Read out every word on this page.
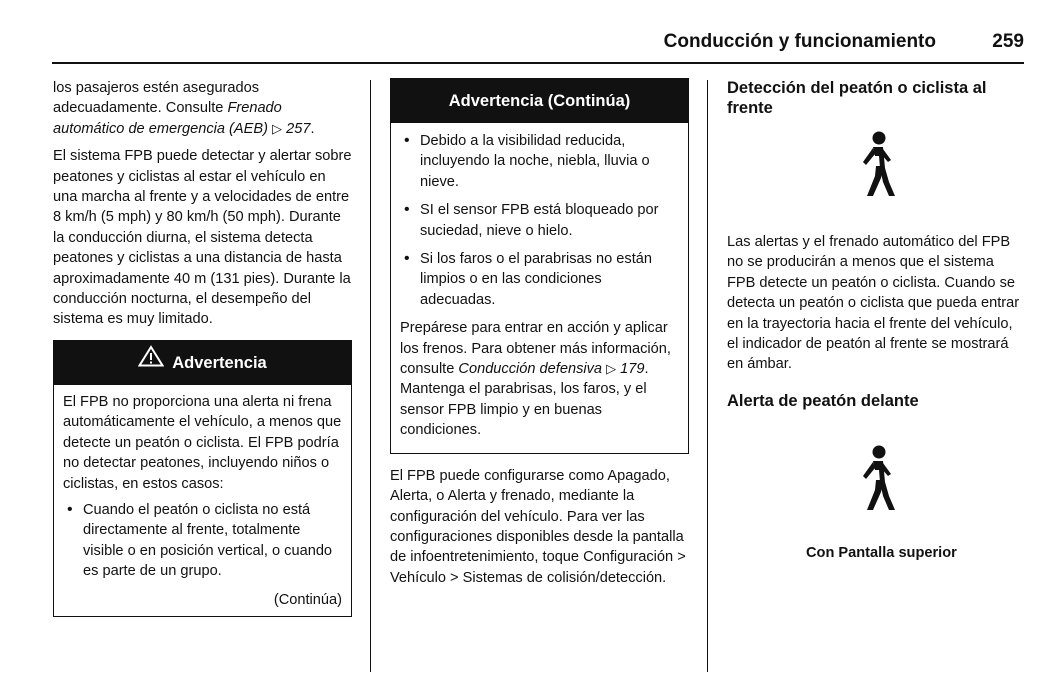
Conducción y funcionamiento	259

los pasajeros estén asegurados adecuadamente. Consulte Frenado automático de emergencia (AEB) ▷ 257.

El sistema FPB puede detectar y alertar sobre peatones y ciclistas al estar el vehículo en una marcha al frente y a velocidades de entre 8 km/h (5 mph) y 80 km/h (50 mph). Durante la conducción diurna, el sistema detecta peatones y ciclistas a una distancia de hasta aproximadamente 40 m (131 pies). Durante la conducción nocturna, el desempeño del sistema es muy limitado.

Advertencia

El FPB no proporciona una alerta ni frena automáticamente el vehículo, a menos que detecte un peatón o ciclista. El FPB podría no detectar peatones, incluyendo niños o ciclistas, en estos casos:

• Cuando el peatón o ciclista no está directamente al frente, totalmente visible o en posición vertical, o cuando es parte de un grupo.
(Continúa)
Advertencia (Continúa)
• Debido a la visibilidad reducida, incluyendo la noche, niebla, lluvia o nieve.
• SI el sensor FPB está bloqueado por suciedad, nieve o hielo.
• Si los faros o el parabrisas no están limpios o en las condiciones adecuadas.

Prepárese para entrar en acción y aplicar los frenos. Para obtener más información, consulte Conducción defensiva ▷ 179. Mantenga el parabrisas, los faros, y el sensor FPB limpio y en buenas condiciones.

El FPB puede configurarse como Apagado, Alerta, o Alerta y frenado, mediante la configuración del vehículo. Para ver las configuraciones disponibles desde la pantalla de infoentretenimiento, toque Configuración > Vehículo > Sistemas de colisión/detección.

Detección del peatón o ciclista al frente

Las alertas y el frenado automático del FPB no se producirán a menos que el sistema FPB detecte un peatón o ciclista. Cuando se detecta un peatón o ciclista que pueda entrar en la trayectoria hacia el frente del vehículo, el indicador de peatón al frente se mostrará en ámbar.

Alerta de peatón delante
Con Pantalla superior
